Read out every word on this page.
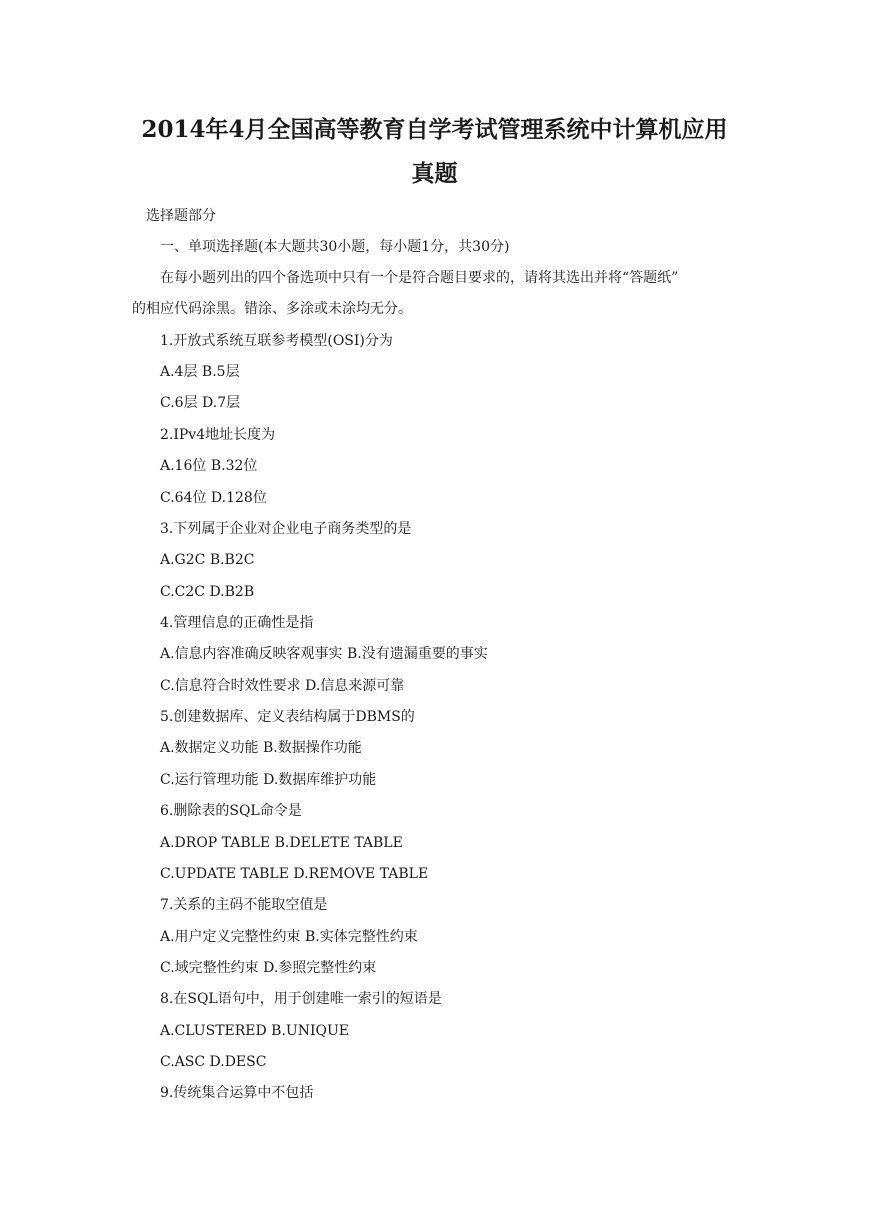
2014年4月全国高等教育自学考试管理系统中计算机应用
真题

选择题部分

一、单项选择题(本大题共30小题，每小题1分，共30分)

在每小题列出的四个备选项中只有一个是符合题目要求的，请将其选出并将“答题纸”

的相应代码涂黑。错涂、多涂或未涂均无分。

1.开放式系统互联参考模型(OSI)分为

A.4层 B.5层

C.6层 D.7层

2.IPv4地址长度为

A.16位 B.32位

C.64位 D.128位

3.下列属于企业对企业电子商务类型的是

A.G2C B.B2C

C.C2C D.B2B

4.管理信息的正确性是指

A.信息内容准确反映客观事实 B.没有遗漏重要的事实

C.信息符合时效性要求 D.信息来源可靠

5.创建数据库、定义表结构属于DBMS的

A.数据定义功能 B.数据操作功能

C.运行管理功能 D.数据库维护功能

6.删除表的SQL命令是

A.DROP TABLE B.DELETE TABLE

C.UPDATE TABLE D.REMOVE TABLE

7.关系的主码不能取空值是

A.用户定义完整性约束 B.实体完整性约束

C.域完整性约束 D.参照完整性约束

8.在SQL语句中，用于创建唯一索引的短语是

A.CLUSTERED B.UNIQUE

C.ASC D.DESC

9.传统集合运算中不包括
